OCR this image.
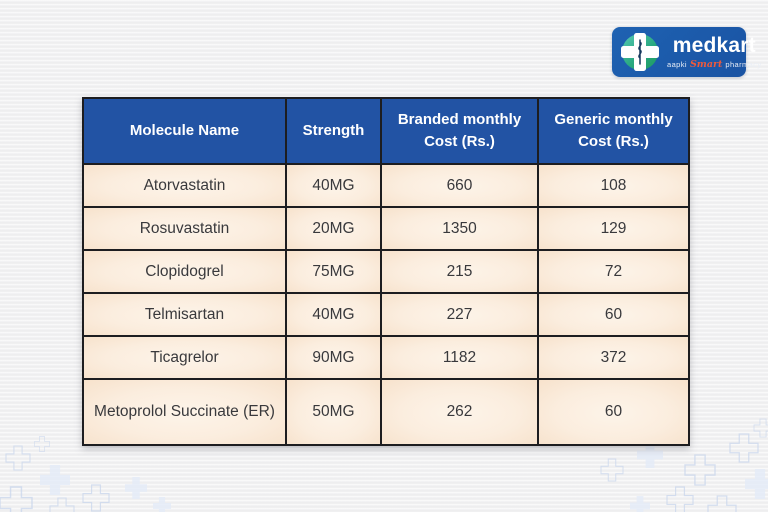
medkart
aapki Smart pharmacy
Molecule Name	Strength	Branded monthly Cost (Rs.)	Generic monthly Cost (Rs.)
Atorvastatin	40MG	660	108
Rosuvastatin	20MG	1350	129
Clopidogrel	75MG	215	72
Telmisartan	40MG	227	60
Ticagrelor	90MG	1182	372
Metoprolol Succinate (ER)	50MG	262	60
